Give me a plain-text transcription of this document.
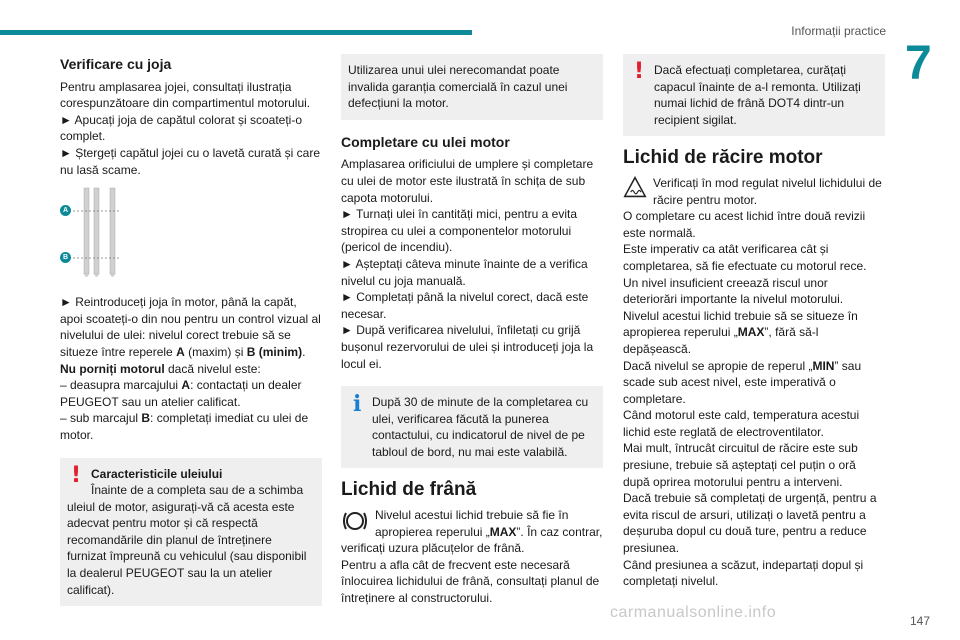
Informații practice
7
Verificare cu joja

Pentru amplasarea jojei, consultați ilustrația corespunzătoare din compartimentul motorului.

► Apucați joja de capătul colorat și scoateți-o complet.

► Ștergeți capătul jojei cu o lavetă curată și care nu lasă scame.

A
B

► Reintroduceți joja în motor, până la capăt, apoi scoateți-o din nou pentru un control vizual al nivelului de ulei: nivelul corect trebuie să se situeze între reperele A (maxim) și B (minim).

Nu porniți motorul dacă nivelul este:

– deasupra marcajului A: contactați un dealer PEUGEOT sau un atelier calificat.

– sub marcajul B: completați imediat cu ulei de motor.

! Caracteristicile uleiului
Înainte de a completa sau de a schimba
uleiul de motor, asigurați-vă că acesta este adecvat pentru motor și că respectă recomandările din planul de întreținere furnizat împreună cu vehiculul (sau disponibil la dealerul PEUGEOT sau la un atelier calificat).
Utilizarea unui ulei nerecomandat poate invalida garanția comercială în cazul unei defecțiuni la motor.
Completare cu ulei motor

Amplasarea orificiului de umplere și completare cu ulei de motor este ilustrată în schița de sub capota motorului.

► Turnați ulei în cantități mici, pentru a evita stropirea cu ulei a componentelor motorului (pericol de incendiu).

► Așteptați câteva minute înainte de a verifica nivelul cu joja manuală.

► Completați până la nivelul corect, dacă este necesar.

► După verificarea nivelului, înfiletați cu grijă bușonul rezervorului de ulei și introduceți joja la locul ei.

i După 30 de minute de la completarea cu ulei, verificarea făcută la punerea contactului, cu indicatorul de nivel de pe tabloul de bord, nu mai este valabilă.
Lichid de frână

Nivelul acestui lichid trebuie să fie în apropierea reperului „MAX”. În caz contrar, verificați uzura plăcuțelor de frână.

Pentru a afla cât de frecvent este necesară înlocuirea lichidului de frână, consultați planul de întreținere al constructorului.

! Dacă efectuați completarea, curățați capacul înainte de a-l remonta. Utilizați numai lichid de frână DOT4 dintr-un recipient sigilat.
Lichid de răcire motor

Verificați în mod regulat nivelul lichidului de răcire pentru motor.

O completare cu acest lichid între două revizii este normală.

Este imperativ ca atât verificarea cât și completarea, să fie efectuate cu motorul rece.

Un nivel insuficient creează riscul unor deteriorări importante la nivelul motorului.

Nivelul acestui lichid trebuie să se situeze în apropierea reperului „MAX”, fără să-l depășească.

Dacă nivelul se apropie de reperul „MIN” sau scade sub acest nivel, este imperativă o completare.

Când motorul este cald, temperatura acestui lichid este reglată de electroventilator.

Mai mult, întrucât circuitul de răcire este sub presiune, trebuie să așteptați cel puțin o oră după oprirea motorului pentru a interveni.

Dacă trebuie să completați de urgență, pentru a evita riscul de arsuri, utilizați o lavetă pentru a deșuruba dopul cu două ture, pentru a reduce presiunea.

Când presiunea a scăzut, indepartați dopul și completați nivelul.

carmanualsonline.info	147
